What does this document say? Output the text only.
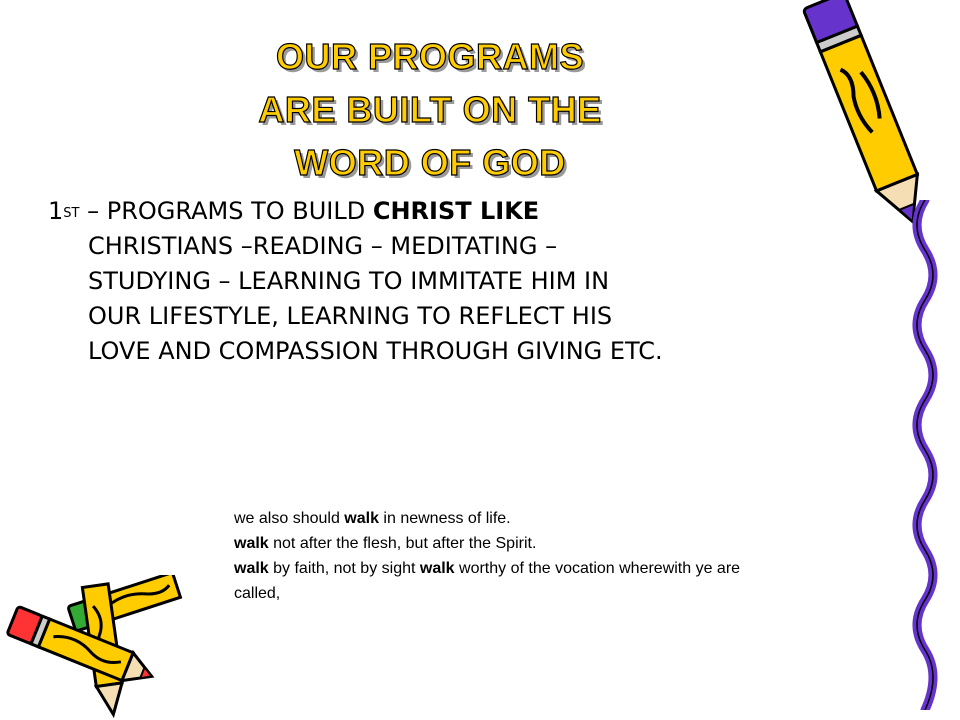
OUR PROGRAMS
ARE BUILT ON THE
WORD OF GOD
1ST – PROGRAMS TO BUILD CHRIST LIKE
CHRISTIANS –READING – MEDITATING –
STUDYING – LEARNING TO IMMITATE HIM IN
OUR LIFESTYLE, LEARNING TO REFLECT HIS
LOVE AND COMPASSION THROUGH GIVING ETC.
we also should walk in newness of life.
walk not after the flesh, but after the Spirit.
walk by faith, not by sight walk worthy of the vocation wherewith ye are
called,
